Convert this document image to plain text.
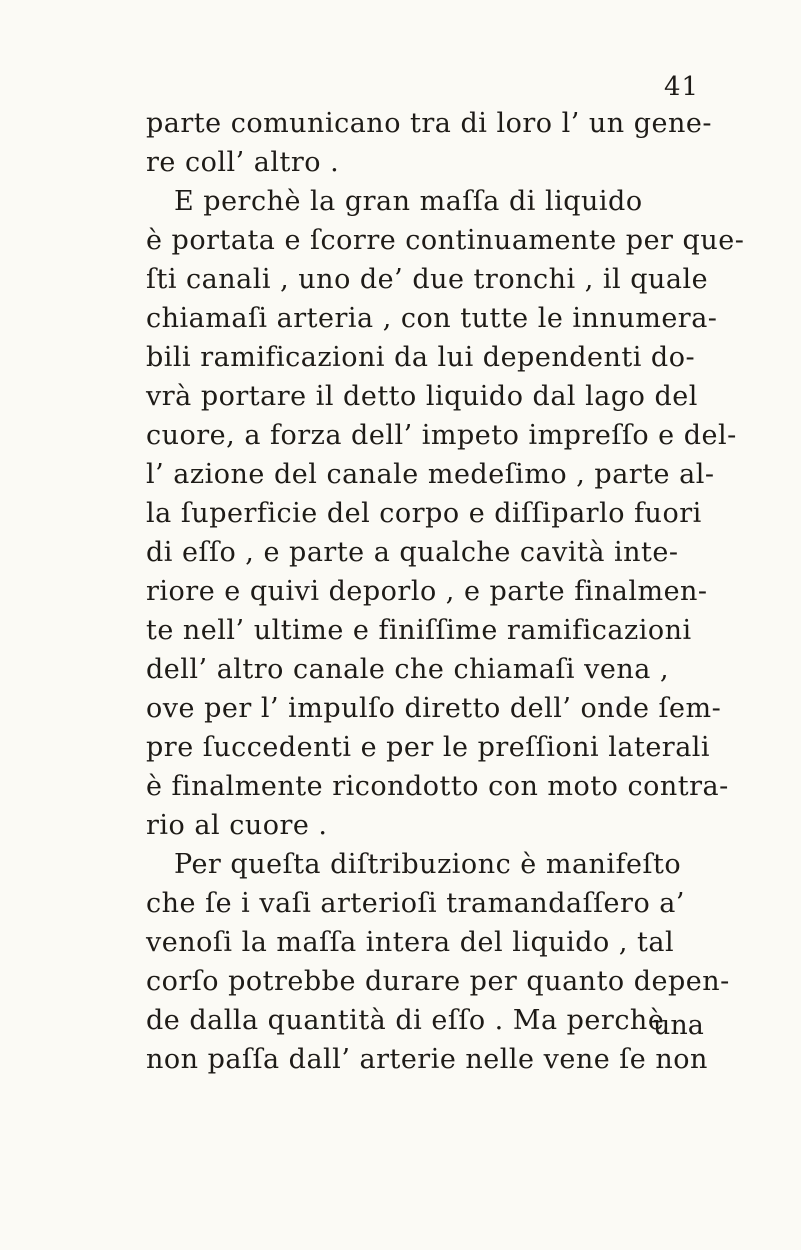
41
parte comunicano tra di loro l’ un gene-
re coll’ altro .
E perchè la gran maſſa di liquido
è portata e ſcorre continuamente per que-
ſti canali , uno de’ due tronchi , il quale
chiamaſi arteria , con tutte le innumera-
bili ramificazioni da lui dependenti do-
vrà portare il detto liquido dal lago del
cuore, a forza dell’ impeto impreſſo e del-
l’ azione del canale medeſimo , parte al-
la ſuperficie del corpo e diſſiparlo fuori
di eſſo , e parte a qualche cavità inte-
riore e quivi deporlo , e parte finalmen-
te nell’ ultime e finiſſime ramificazioni
dell’ altro canale che chiamaſi vena ,
ove per l’ impulſo diretto dell’ onde ſem-
pre ſuccedenti e per le preſſioni laterali
è finalmente ricondotto con moto contra-
rio al cuore .
Per queſta diſtribuzionc è manifeſto
che ſe i vaſi arterioſi tramandaſſero a’
venoſi la maſſa intera del liquido , tal
corſo potrebbe durare per quanto depen-
de dalla quantità di eſſo . Ma perchè
non paſſa dall’ arterie nelle vene ſe non
una
